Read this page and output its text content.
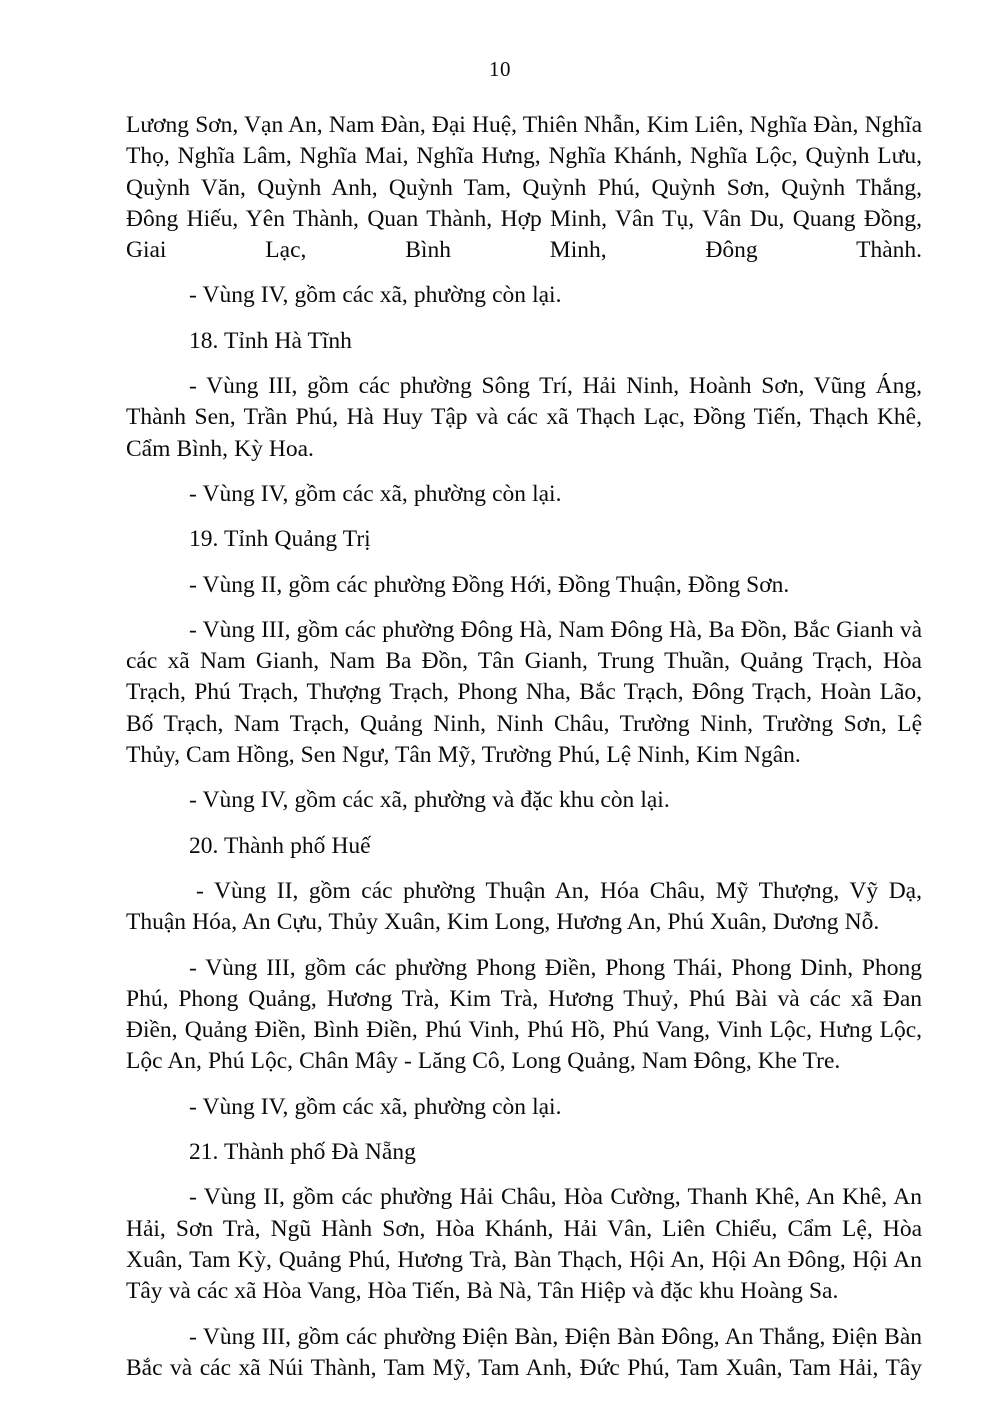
10

Lương Sơn, Vạn An, Nam Đàn, Đại Huệ, Thiên Nhẫn, Kim Liên, Nghĩa Đàn, Nghĩa Thọ, Nghĩa Lâm, Nghĩa Mai, Nghĩa Hưng, Nghĩa Khánh, Nghĩa Lộc, Quỳnh Lưu, Quỳnh Văn, Quỳnh Anh, Quỳnh Tam, Quỳnh Phú, Quỳnh Sơn, Quỳnh Thắng, Đông Hiếu, Yên Thành, Quan Thành, Hợp Minh, Vân Tụ, Vân Du, Quang Đồng, Giai Lạc, Bình Minh, Đông Thành.

- Vùng IV, gồm các xã, phường còn lại.

18. Tỉnh Hà Tĩnh

- Vùng III, gồm các phường Sông Trí, Hải Ninh, Hoành Sơn, Vũng Áng, Thành Sen, Trần Phú, Hà Huy Tập và các xã Thạch Lạc, Đồng Tiến, Thạch Khê, Cẩm Bình, Kỳ Hoa.

- Vùng IV, gồm các xã, phường còn lại.

19. Tỉnh Quảng Trị

- Vùng II, gồm các phường Đồng Hới, Đồng Thuận, Đồng Sơn.

- Vùng III, gồm các phường Đông Hà, Nam Đông Hà, Ba Đồn, Bắc Gianh và các xã Nam Gianh, Nam Ba Đồn, Tân Gianh, Trung Thuần, Quảng Trạch, Hòa Trạch, Phú Trạch, Thượng Trạch, Phong Nha, Bắc Trạch, Đông Trạch, Hoàn Lão, Bố Trạch, Nam Trạch, Quảng Ninh, Ninh Châu, Trường Ninh, Trường Sơn, Lệ Thủy, Cam Hồng, Sen Ngư, Tân Mỹ, Trường Phú, Lệ Ninh, Kim Ngân.

- Vùng IV, gồm các xã, phường và đặc khu còn lại.

20. Thành phố Huế

- Vùng II, gồm các phường Thuận An, Hóa Châu, Mỹ Thượng, Vỹ Dạ, Thuận Hóa, An Cựu, Thủy Xuân, Kim Long, Hương An, Phú Xuân, Dương Nỗ.

- Vùng III, gồm các phường Phong Điền, Phong Thái, Phong Dinh, Phong Phú, Phong Quảng, Hương Trà, Kim Trà, Hương Thuỷ, Phú Bài và các xã Đan Điền, Quảng Điền, Bình Điền, Phú Vinh, Phú Hồ, Phú Vang, Vinh Lộc, Hưng Lộc, Lộc An, Phú Lộc, Chân Mây - Lăng Cô, Long Quảng, Nam Đông, Khe Tre.

- Vùng IV, gồm các xã, phường còn lại.

21. Thành phố Đà Nẵng

- Vùng II, gồm các phường Hải Châu, Hòa Cường, Thanh Khê, An Khê, An Hải, Sơn Trà, Ngũ Hành Sơn, Hòa Khánh, Hải Vân, Liên Chiểu, Cẩm Lệ, Hòa Xuân, Tam Kỳ, Quảng Phú, Hương Trà, Bàn Thạch, Hội An, Hội An Đông, Hội An Tây và các xã Hòa Vang, Hòa Tiến, Bà Nà, Tân Hiệp và đặc khu Hoàng Sa.

- Vùng III, gồm các phường Điện Bàn, Điện Bàn Đông, An Thắng, Điện Bàn Bắc và các xã Núi Thành, Tam Mỹ, Tam Anh, Đức Phú, Tam Xuân, Tam Hải, Tây
